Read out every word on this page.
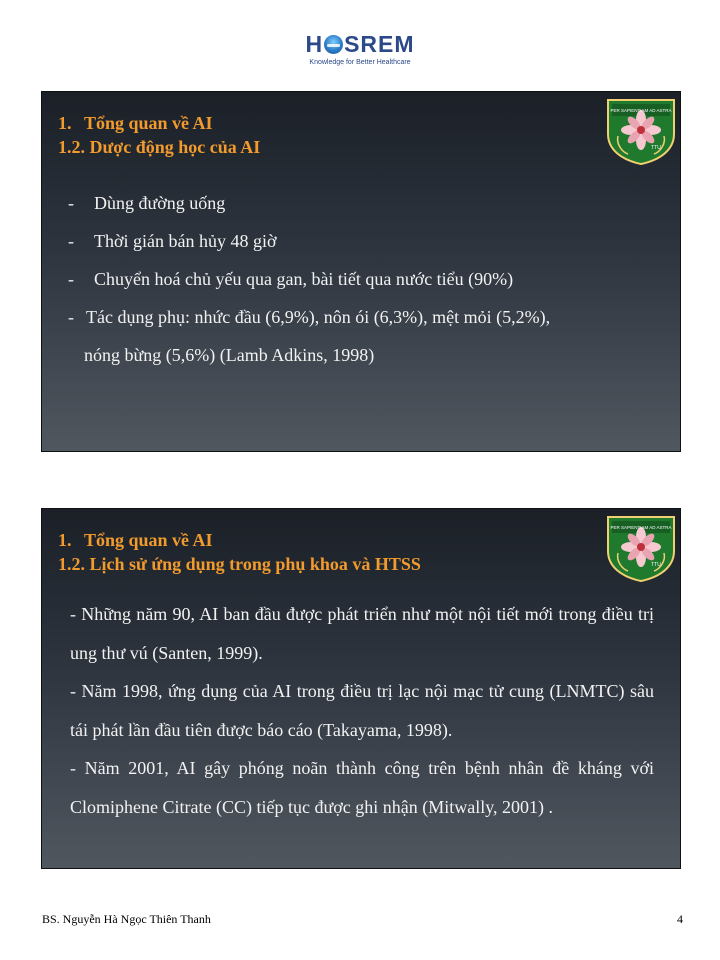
H SREM
Knowledge for Better Healthcare
1. Tổng quan về AI
1.2. Dược động học của AI
PER SAPIENTIAM AD ASTRA
TTU
- Dùng đường uống
- Thời gián bán hủy 48 giờ
- Chuyển hoá chủ yếu qua gan, bài tiết qua nước tiểu (90%)
- Tác dụng phụ: nhức đầu (6,9%), nôn ói (6,3%), mệt mỏi (5,2%),
nóng bừng (5,6%) (Lamb Adkins, 1998)
1. Tổng quan về AI
1.2. Lịch sử ứng dụng trong phụ khoa và HTSS
PER SAPIENTIAM AD ASTRA
TTU

- Những năm 90, AI ban đầu được phát triển như một nội tiết mới trong điều trị ung thư vú (Santen, 1999).

- Năm 1998, ứng dụng của AI trong điều trị lạc nội mạc tử cung (LNMTC) sâu tái phát lần đầu tiên được báo cáo (Takayama, 1998).

- Năm 2001, AI gây phóng noãn thành công trên bệnh nhân đề kháng với Clomiphene Citrate (CC) tiếp tục được ghi nhận (Mitwally, 2001) .

BS. Nguyễn Hà Ngọc Thiên Thanh	4
